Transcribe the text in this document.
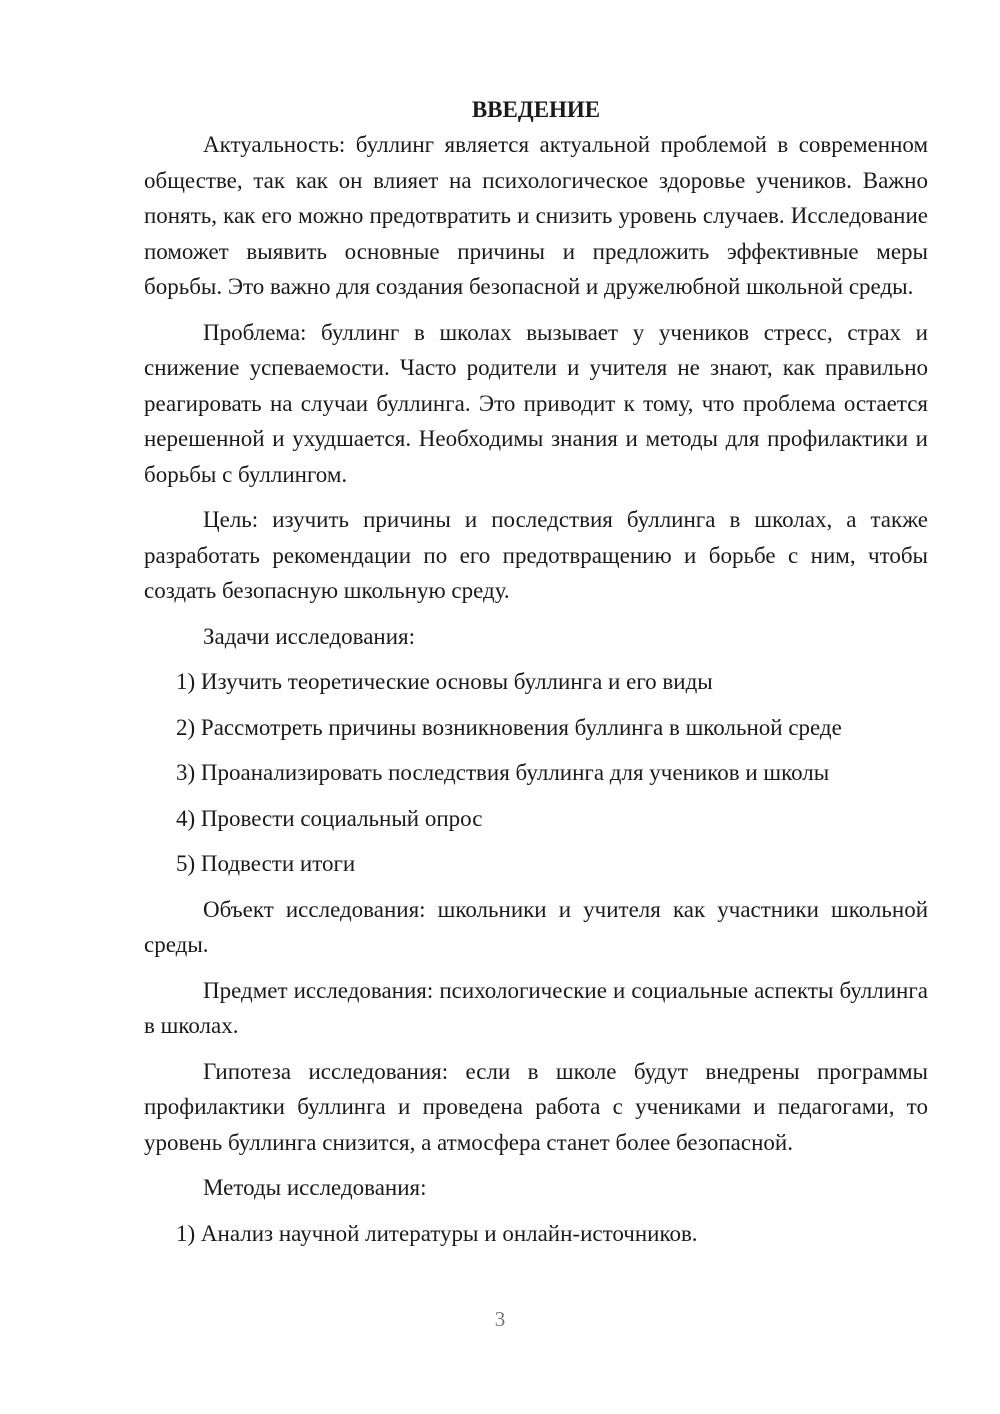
ВВЕДЕНИЕ

Актуальность: буллинг является актуальной проблемой в современном обществе, так как он влияет на психологическое здоровье учеников. Важно понять, как его можно предотвратить и снизить уровень случаев. Исследование поможет выявить основные причины и предложить эффективные меры борьбы. Это важно для создания безопасной и дружелюбной школьной среды.

Проблема: буллинг в школах вызывает у учеников стресс, страх и снижение успеваемости. Часто родители и учителя не знают, как правильно реагировать на случаи буллинга. Это приводит к тому, что проблема остается нерешенной и ухудшается. Необходимы знания и методы для профилактики и борьбы с буллингом.

Цель: изучить причины и последствия буллинга в школах, а также разработать рекомендации по его предотвращению и борьбе с ним, чтобы создать безопасную школьную среду.

Задачи исследования:

1) Изучить теоретические основы буллинга и его виды

2) Рассмотреть причины возникновения буллинга в школьной среде

3) Проанализировать последствия буллинга для учеников и школы

4) Провести социальный опрос

5) Подвести итоги

Объект исследования: школьники и учителя как участники школьной среды.

Предмет исследования: психологические и социальные аспекты буллинга в школах.

Гипотеза исследования: если в школе будут внедрены программы профилактики буллинга и проведена работа с учениками и педагогами, то уровень буллинга снизится, а атмосфера станет более безопасной.

Методы исследования:

1) Анализ научной литературы и онлайн-источников.

3
